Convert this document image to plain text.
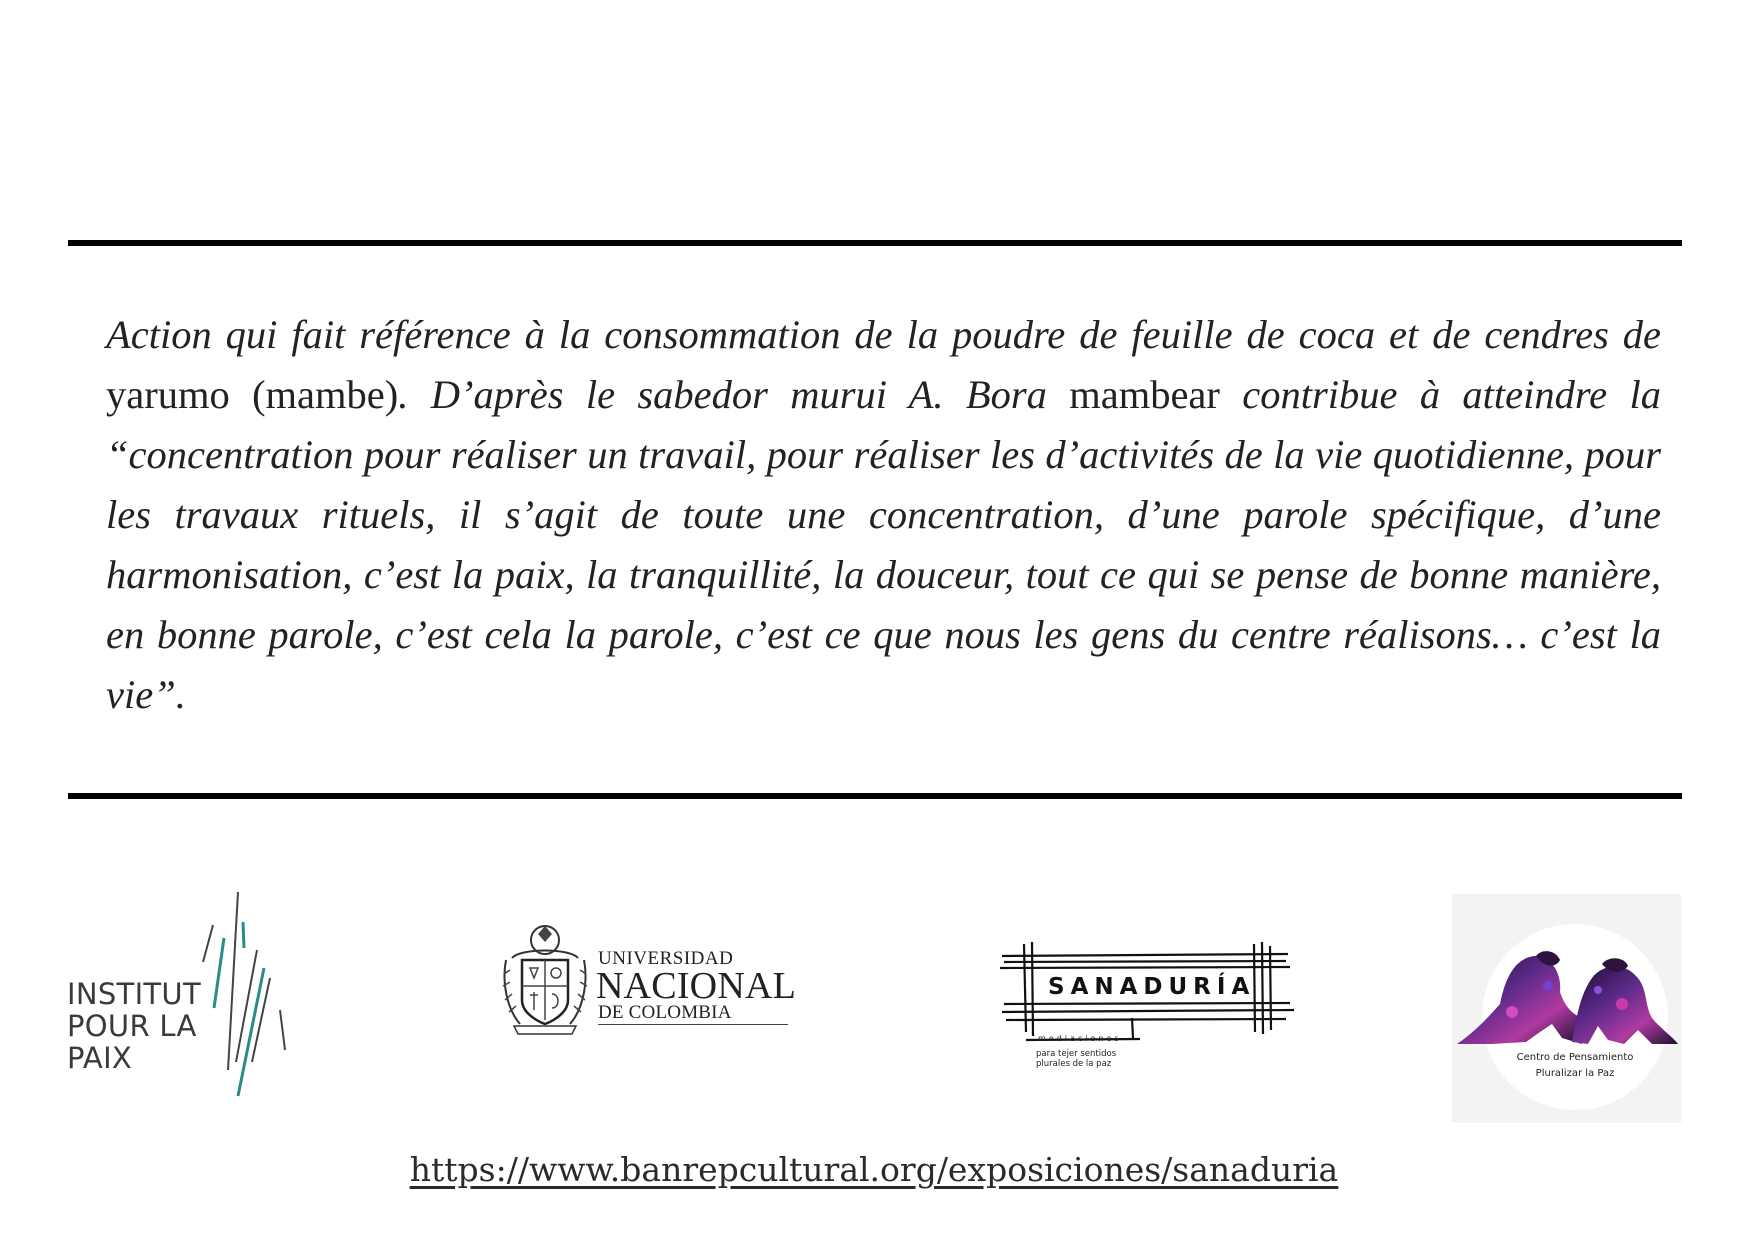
Action qui fait référence à la consommation de la poudre de feuille de coca et de cendres de yarumo (mambe). D’après le sabedor murui A. Bora mambear contribue à atteindre la “concentration pour réaliser un travail, pour réaliser les d’activités de la vie quotidienne, pour les travaux rituels, il s’agit de toute une concentration, d’une parole spécifique, d’une harmonisation, c’est la paix, la tranquillité, la douceur, tout ce qui se pense de bonne manière, en bonne parole, c’est cela la parole, c’est ce que nous les gens du centre réalisons… c’est la vie”.
INSTITUT
POUR LA
PAIX
UNIVERSIDAD
NACIONAL
DE COLOMBIA
SANADURÍA
mediaciones
para tejer sentidos
plurales de la paz
Centro de Pensamiento
Pluralizar la Paz
https://www.banrepcultural.org/exposiciones/sanaduria
